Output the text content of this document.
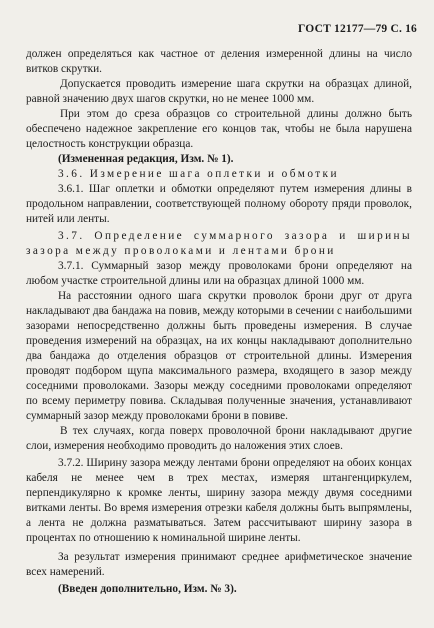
ГОСТ 12177—79 С. 16

должен определяться как частное от деления измеренной длины на число витков скрутки.

Допускается проводить измерение шага скрутки на образцах длиной, равной значению двух шагов скрутки, но не менее 1000 мм.

При этом до среза образцов со строительной длины должно быть обеспечено надежное закрепление его концов так, чтобы не была нарушена целостность конструкции образца.

(Измененная редакция, Изм. № 1).

3.6. Измерение шага оплетки и обмотки

3.6.1. Шаг оплетки и обмотки определяют путем измерения длины в продольном направлении, соответствующей полному обороту пряди проволок, нитей или ленты.

3.7. Определение суммарного зазора и ширины зазора между проволоками и лентами брони

3.7.1. Суммарный зазор между проволоками брони определяют на любом участке строительной длины или на образцах длиной 1000 мм.

На расстоянии одного шага скрутки проволок брони друг от друга накладывают два бандажа на повив, между которыми в сечении с наибольшими зазорами непосредственно должны быть проведены измерения. В случае проведения измерений на образцах, на их концы накладывают дополнительно два бандажа до отделения образцов от строительной длины. Измерения проводят подбором щупа максимального размера, входящего в зазор между соседними проволоками. Зазоры между соседними проволоками определяют по всему периметру повива. Складывая полученные значения, устанавливают суммарный зазор между проволоками брони в повиве.

В тех случаях, когда поверх проволочной брони накладывают другие слои, измерения необходимо проводить до наложения этих слоев.

3.7.2. Ширину зазора между лентами брони определяют на обоих концах кабеля не менее чем в трех местах, измеряя штангенциркулем, перпендикулярно к кромке ленты, ширину зазора между двумя соседними витками ленты. Во время измерения отрезки кабеля должны быть выпрямлены, а лента не должна разматываться. Затем рассчитывают ширину зазора в процентах по отношению к номинальной ширине ленты.

За результат измерения принимают среднее арифметическое значение всех намерений.

(Введен дополнительно, Изм. № 3).
